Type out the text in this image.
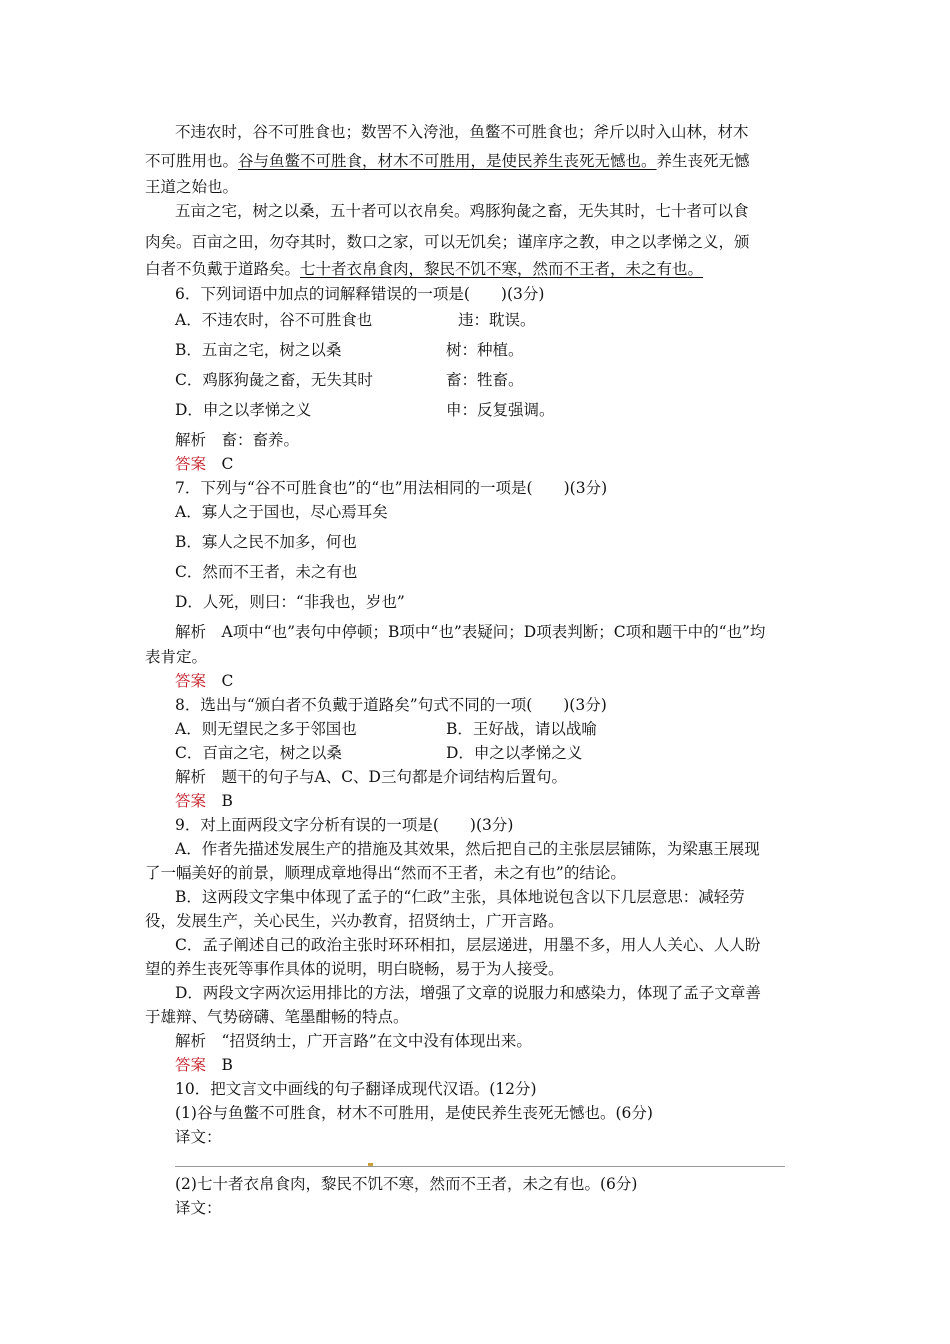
不违农时，谷不可胜食也；数罟不入洿池，鱼鳖不可胜食也；斧斤以时入山林，材木
不可胜用也。谷与鱼鳖不可胜食，材木不可胜用，是使民养生丧死无憾也。养生丧死无憾
王道之始也。
五亩之宅，树之以桑，五十者可以衣帛矣。鸡豚狗彘之畜，无失其时，七十者可以食
肉矣。百亩之田，勿夺其时，数口之家，可以无饥矣；谨庠序之教，申之以孝悌之义，颁
白者不负戴于道路矣。七十者衣帛食肉，黎民不饥不寒，然而不王者，未之有也。
6．下列词语中加点的词解释错误的一项是(　　)(3分)
A．不违农时，谷不可胜食也	违：耽误。
B．五亩之宅，树之以桑	树：种植。
C．鸡豚狗彘之畜，无失其时	畜：牲畜。
D．申之以孝悌之义	申：反复强调。
解析　畜：畜养。
答案　 C
7．下列与“谷不可胜食也”的“也”用法相同的一项是(　　)(3分)
A．寡人之于国也，尽心焉耳矣
B．寡人之民不加多，何也
C．然而不王者，未之有也
D．人死，则曰：“非我也，岁也”
解析　A项中“也”表句中停顿；B项中“也”表疑问；D项表判断；C项和题干中的“也”均
表肯定。
答案　 C
8．选出与“颁白者不负戴于道路矣”句式不同的一项(　　)(3分)
A．则无望民之多于邻国也	B．王好战，请以战喻
C．百亩之宅，树之以桑	D．申之以孝悌之义
解析　题干的句子与A、C、D三句都是介词结构后置句。
答案　 B
9．对上面两段文字分析有误的一项是(　　)(3分)
A．作者先描述发展生产的措施及其效果，然后把自己的主张层层铺陈，为梁惠王展现
了一幅美好的前景，顺理成章地得出“然而不王者，未之有也”的结论。
B．这两段文字集中体现了孟子的“仁政”主张，具体地说包含以下几层意思：减轻劳
役，发展生产，关心民生，兴办教育，招贤纳士，广开言路。
C．孟子阐述自己的政治主张时环环相扣，层层递进，用墨不多，用人人关心、人人盼
望的养生丧死等事作具体的说明，明白晓畅，易于为人接受。
D．两段文字两次运用排比的方法，增强了文章的说服力和感染力，体现了孟子文章善
于雄辩、气势磅礴、笔墨酣畅的特点。
解析　“招贤纳士，广开言路”在文中没有体现出来。
答案　 B
10．把文言文中画线的句子翻译成现代汉语。(12分)
(1)谷与鱼鳖不可胜食，材木不可胜用，是使民养生丧死无憾也。(6分)
译文：
(2)七十者衣帛食肉，黎民不饥不寒，然而不王者，未之有也。(6分)
译文：
